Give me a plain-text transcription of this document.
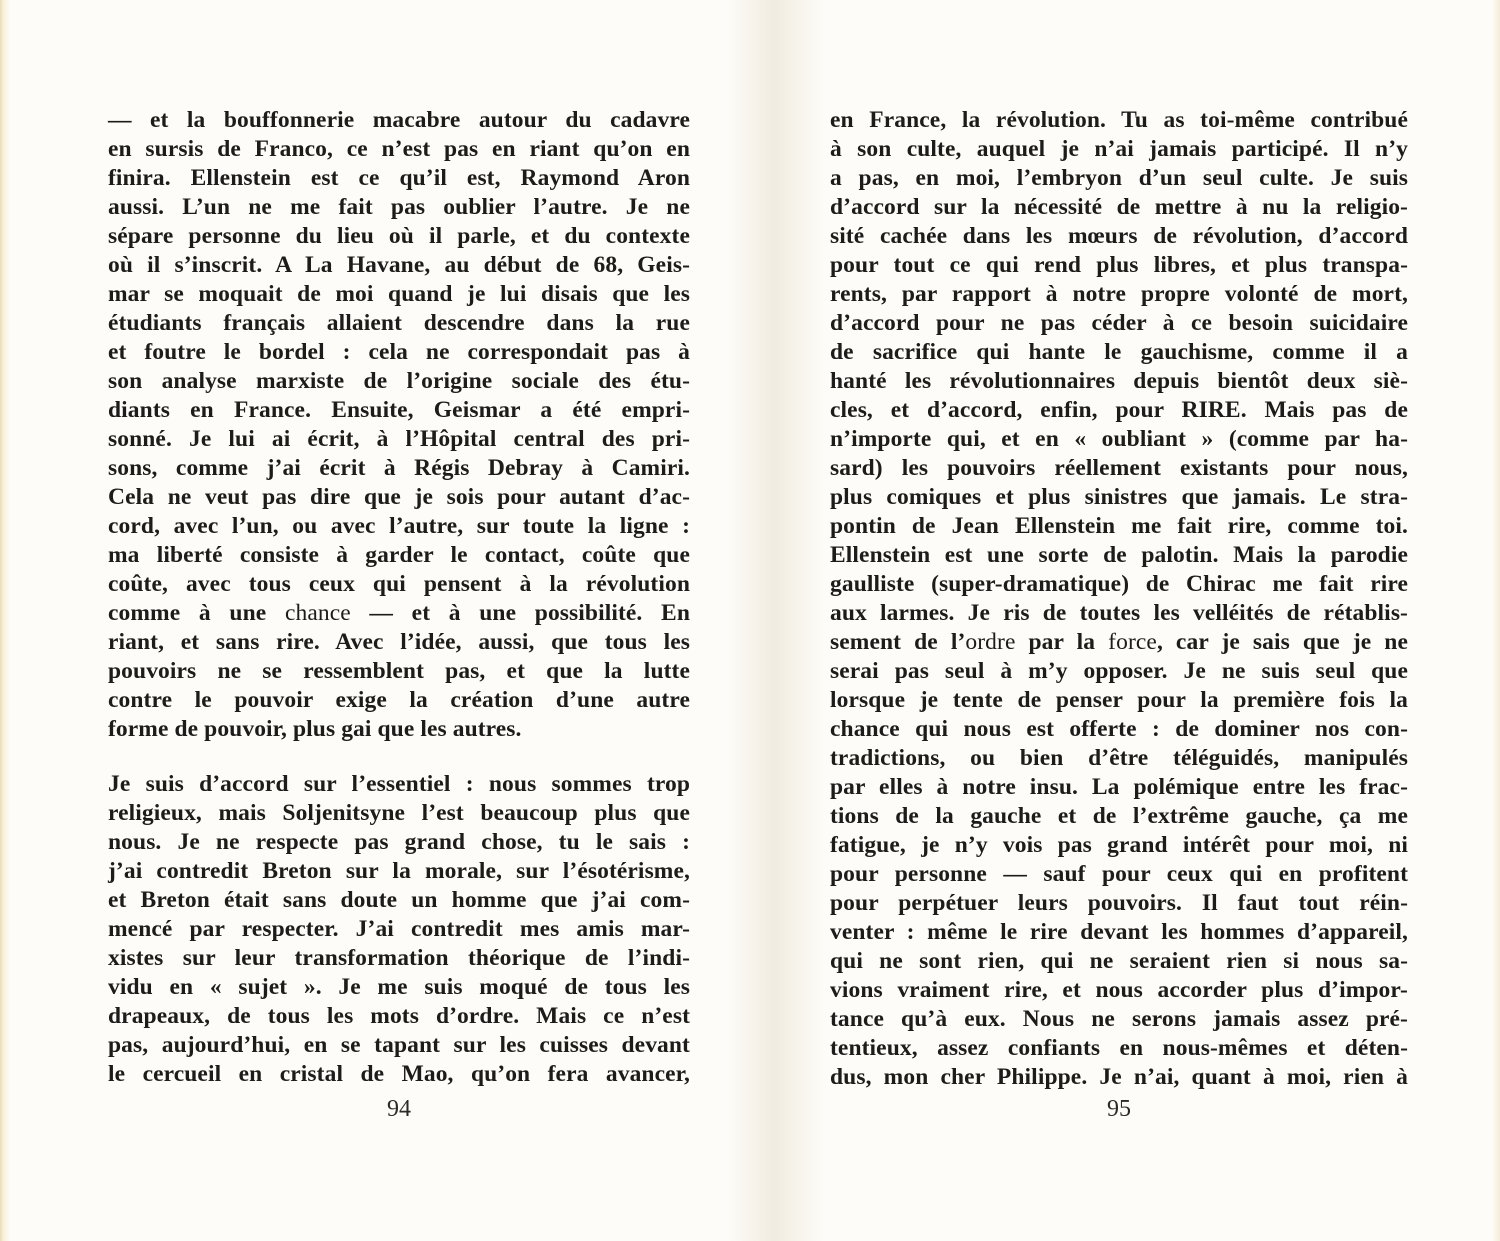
— et la bouffonnerie macabre autour du cadavre
en sursis de Franco, ce n’est pas en riant qu’on en
finira. Ellenstein est ce qu’il est, Raymond Aron
aussi. L’un ne me fait pas oublier l’autre. Je ne
sépare personne du lieu où il parle, et du contexte
où il s’inscrit. A La Havane, au début de 68, Geis-
mar se moquait de moi quand je lui disais que les
étudiants français allaient descendre dans la rue
et foutre le bordel : cela ne correspondait pas à
son analyse marxiste de l’origine sociale des étu-
diants en France. Ensuite, Geismar a été empri-
sonné. Je lui ai écrit, à l’Hôpital central des pri-
sons, comme j’ai écrit à Régis Debray à Camiri.
Cela ne veut pas dire que je sois pour autant d’ac-
cord, avec l’un, ou avec l’autre, sur toute la ligne :
ma liberté consiste à garder le contact, coûte que
coûte, avec tous ceux qui pensent à la révolution
comme à une chance — et à une possibilité. En
riant, et sans rire. Avec l’idée, aussi, que tous les
pouvoirs ne se ressemblent pas, et que la lutte
contre le pouvoir exige la création d’une autre
forme de pouvoir, plus gai que les autres.
Je suis d’accord sur l’essentiel : nous sommes trop
religieux, mais Soljenitsyne l’est beaucoup plus que
nous. Je ne respecte pas grand chose, tu le sais :
j’ai contredit Breton sur la morale, sur l’ésotérisme,
et Breton était sans doute un homme que j’ai com-
mencé par respecter. J’ai contredit mes amis mar-
xistes sur leur transformation théorique de l’indi-
vidu en « sujet ». Je me suis moqué de tous les
drapeaux, de tous les mots d’ordre. Mais ce n’est
pas, aujourd’hui, en se tapant sur les cuisses devant
le cercueil en cristal de Mao, qu’on fera avancer,
en France, la révolution. Tu as toi-même contribué
à son culte, auquel je n’ai jamais participé. Il n’y
a pas, en moi, l’embryon d’un seul culte. Je suis
d’accord sur la nécessité de mettre à nu la religio-
sité cachée dans les mœurs de révolution, d’accord
pour tout ce qui rend plus libres, et plus transpa-
rents, par rapport à notre propre volonté de mort,
d’accord pour ne pas céder à ce besoin suicidaire
de sacrifice qui hante le gauchisme, comme il a
hanté les révolutionnaires depuis bientôt deux siè-
cles, et d’accord, enfin, pour RIRE. Mais pas de
n’importe qui, et en « oubliant » (comme par ha-
sard) les pouvoirs réellement existants pour nous,
plus comiques et plus sinistres que jamais. Le stra-
pontin de Jean Ellenstein me fait rire, comme toi.
Ellenstein est une sorte de palotin. Mais la parodie
gaulliste (super-dramatique) de Chirac me fait rire
aux larmes. Je ris de toutes les velléités de rétablis-
sement de l’ordre par la force, car je sais que je ne
serai pas seul à m’y opposer. Je ne suis seul que
lorsque je tente de penser pour la première fois la
chance qui nous est offerte : de dominer nos con-
tradictions, ou bien d’être téléguidés, manipulés
par elles à notre insu. La polémique entre les frac-
tions de la gauche et de l’extrême gauche, ça me
fatigue, je n’y vois pas grand intérêt pour moi, ni
pour personne — sauf pour ceux qui en profitent
pour perpétuer leurs pouvoirs. Il faut tout réin-
venter : même le rire devant les hommes d’appareil,
qui ne sont rien, qui ne seraient rien si nous sa-
vions vraiment rire, et nous accorder plus d’impor-
tance qu’à eux. Nous ne serons jamais assez pré-
tentieux, assez confiants en nous-mêmes et déten-
dus, mon cher Philippe. Je n’ai, quant à moi, rien à
94	95
